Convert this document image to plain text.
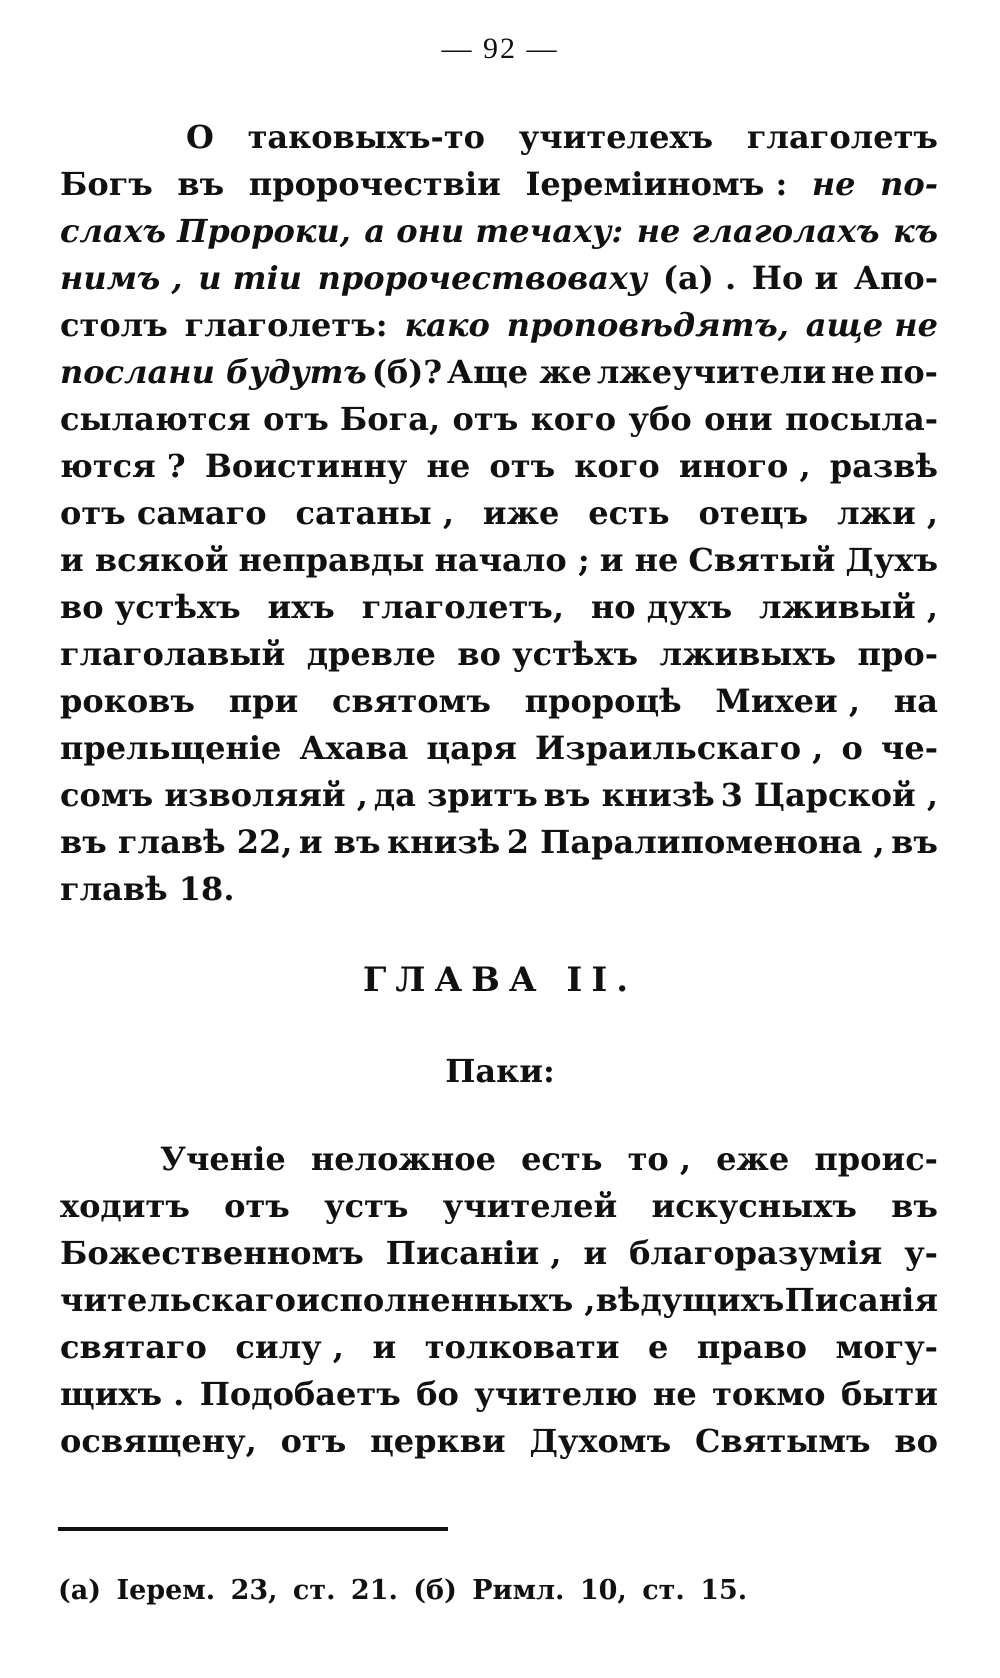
— 92 —
О таковыхъ-то учителехъ глаголетъ
Богъ въ пророчествіи Іереміиномъ : не по-
слахъ Пророки, а они течаху: не глаголахъ къ
нимъ , и тіи пророчествоваху (а) . Но и Апо-
столъ глаголетъ: како проповѣдятъ, аще не
послани будутъ (б)? Аще же лжеучители не по-
сылаются отъ Бога, отъ кого убо они посыла-
ются ? Воистинну не отъ кого иного , развѣ
отъ самаго сатаны , иже есть отецъ лжи ,
и всякой неправды начало ; и не Святый Духъ
во устѣхъ ихъ глаголетъ, но духъ лживый ,
глаголавый древле во устѣхъ лживыхъ про-
роковъ при святомъ пророцѣ Михеи , на
прельщеніе Ахава царя Израильскаго , о че-
сомъ изволяяй , да зритъ въ книзѣ 3 Царской ,
въ главѣ 22, и въ книзѣ 2 Паралипоменона , въ
главѣ 18.
ГЛАВА II.
Паки:
Ученіе неложное есть то , еже проис-
ходитъ отъ устъ учителей искусныхъ въ
Божественномъ Писаніи , и благоразумія у-
чительскаго исполненныхъ , вѣдущихъ Писанія
святаго силу , и толковати е право могу-
щихъ . Подобаетъ бо учителю не токмо быти
освящену, отъ церкви Духомъ Святымъ во
(а) Iерем. 23, ст. 21. (б) Римл. 10, ст. 15.
